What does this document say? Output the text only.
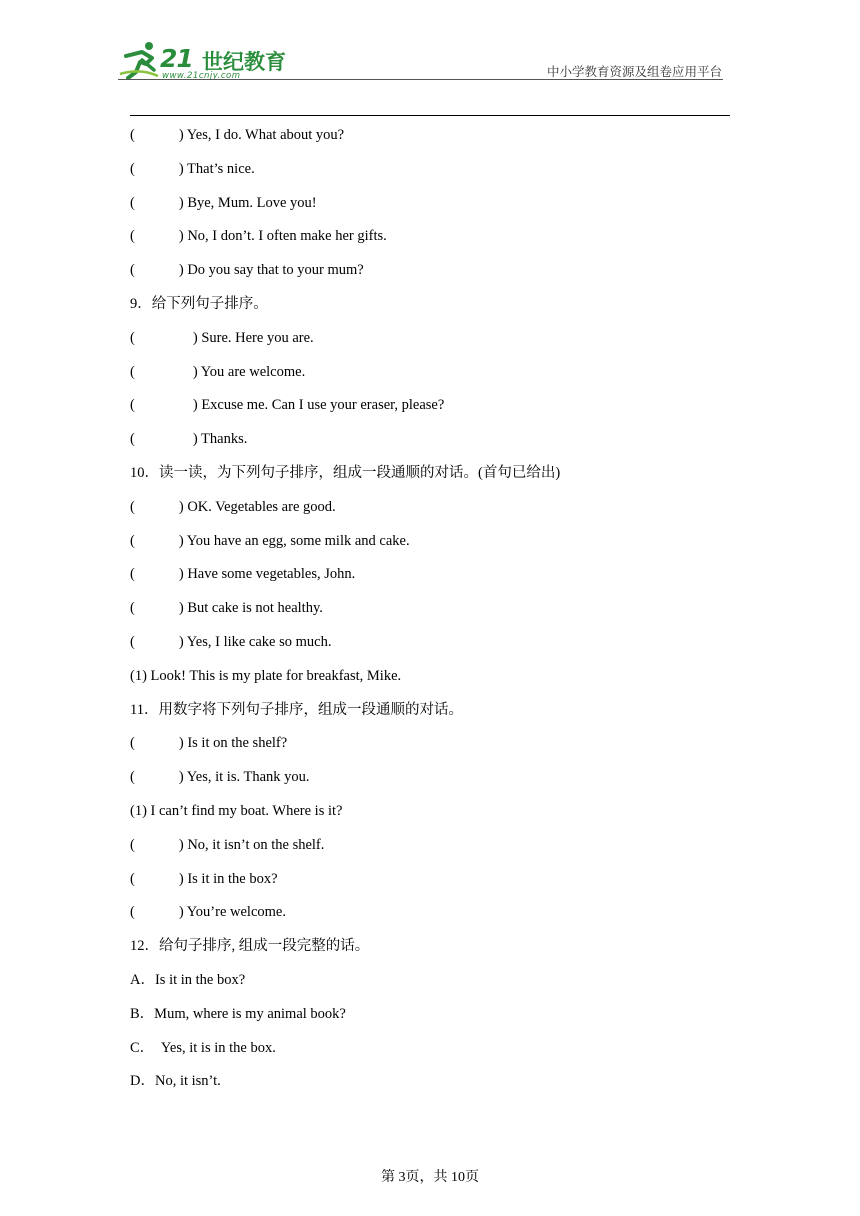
21 世纪教育
www.21cnjy.com	中小学教育资源及组卷应用平台
(	) Yes, I do. What about you?
(	) That’s nice.
(	) Bye, Mum. Love you!
(	) No, I don’t. I often make her gifts.
(	) Do you say that to your mum?
9．给下列句子排序。
(	) Sure. Here you are.
(	) You are welcome.
(	) Excuse me. Can I use your eraser, please?
(	) Thanks.
10．读一读，为下列句子排序，组成一段通顺的对话。(首句已给出)
(	) OK. Vegetables are good.
(	) You have an egg, some milk and cake.
(	) Have some vegetables, John.
(	) But cake is not healthy.
(	) Yes, I like cake so much.
(1) Look! This is my plate for breakfast, Mike.
11．用数字将下列句子排序，组成一段通顺的对话。
(	) Is it on the shelf?
(	) Yes, it is. Thank you.
(1) I can’t find my boat. Where is it?
(	) No, it isn’t on the shelf.
(	) Is it in the box?
(	) You’re welcome.
12．给句子排序, 组成一段完整的话。
A．Is it in the box?
B．Mum, where is my animal book?
C．  Yes, it is in the box.
D．No, it isn’t.
第 3页，共 10页
